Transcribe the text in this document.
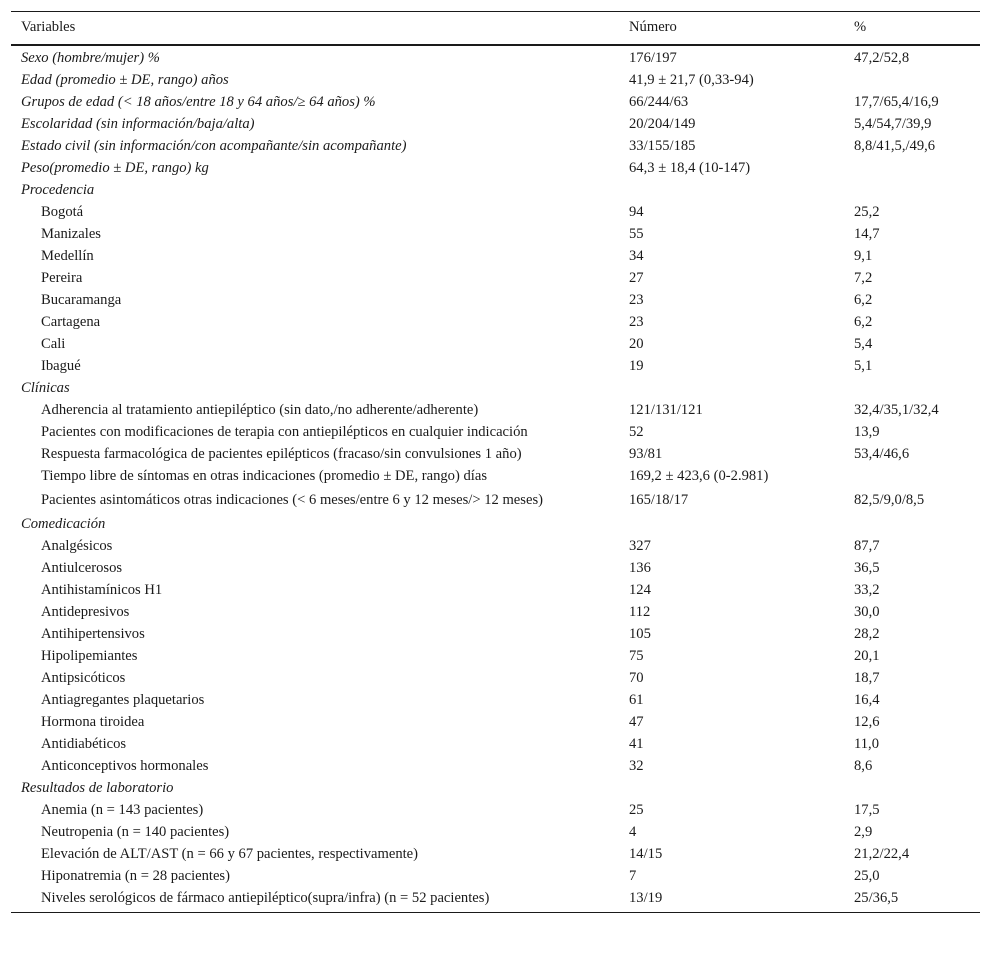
Variables	Número	%
Sexo (hombre/mujer) %	176/197	47,2/52,8
Edad (promedio ± DE, rango) años	41,9 ± 21,7 (0,33-94)	
Grupos de edad (< 18 años/entre 18 y 64 años/≥ 64 años) %	66/244/63	17,7/65,4/16,9
Escolaridad (sin información/baja/alta)	20/204/149	5,4/54,7/39,9
Estado civil (sin información/con acompañante/sin acompañante)	33/155/185	8,8/41,5,/49,6
Peso(promedio ± DE, rango) kg	64,3 ± 18,4 (10-147)	
Procedencia		
Bogotá	94	25,2
Manizales	55	14,7
Medellín	34	9,1
Pereira	27	7,2
Bucaramanga	23	6,2
Cartagena	23	6,2
Cali	20	5,4
Ibagué	19	5,1
Clínicas		
Adherencia al tratamiento antiepiléptico (sin dato,/no adherente/adherente)	121/131/121	32,4/35,1/32,4
Pacientes con modificaciones de terapia con antiepilépticos en cualquier indicación	52	13,9
Respuesta farmacológica de pacientes epilépticos (fracaso/sin convulsiones 1 año)	93/81	53,4/46,6
Tiempo libre de síntomas en otras indicaciones (promedio ± DE, rango) días	169,2 ± 423,6 (0-2.981)	
Pacientes asintomáticos otras indicaciones (< 6 meses/entre 6 y 12 meses/> 12 meses)	165/18/17	82,5/9,0/8,5
Comedicación		
Analgésicos	327	87,7
Antiulcerosos	136	36,5
Antihistamínicos H1	124	33,2
Antidepresivos	112	30,0
Antihipertensivos	105	28,2
Hipolipemiantes	75	20,1
Antipsicóticos	70	18,7
Antiagregantes plaquetarios	61	16,4
Hormona tiroidea	47	12,6
Antidiabéticos	41	11,0
Anticonceptivos hormonales	32	8,6
Resultados de laboratorio		
Anemia (n = 143 pacientes)	25	17,5
Neutropenia (n = 140 pacientes)	4	2,9
Elevación de ALT/AST (n = 66 y 67 pacientes, respectivamente)	14/15	21,2/22,4
Hiponatremia (n = 28 pacientes)	7	25,0
Niveles serológicos de fármaco antiepiléptico(supra/infra) (n = 52 pacientes)	13/19	25/36,5
